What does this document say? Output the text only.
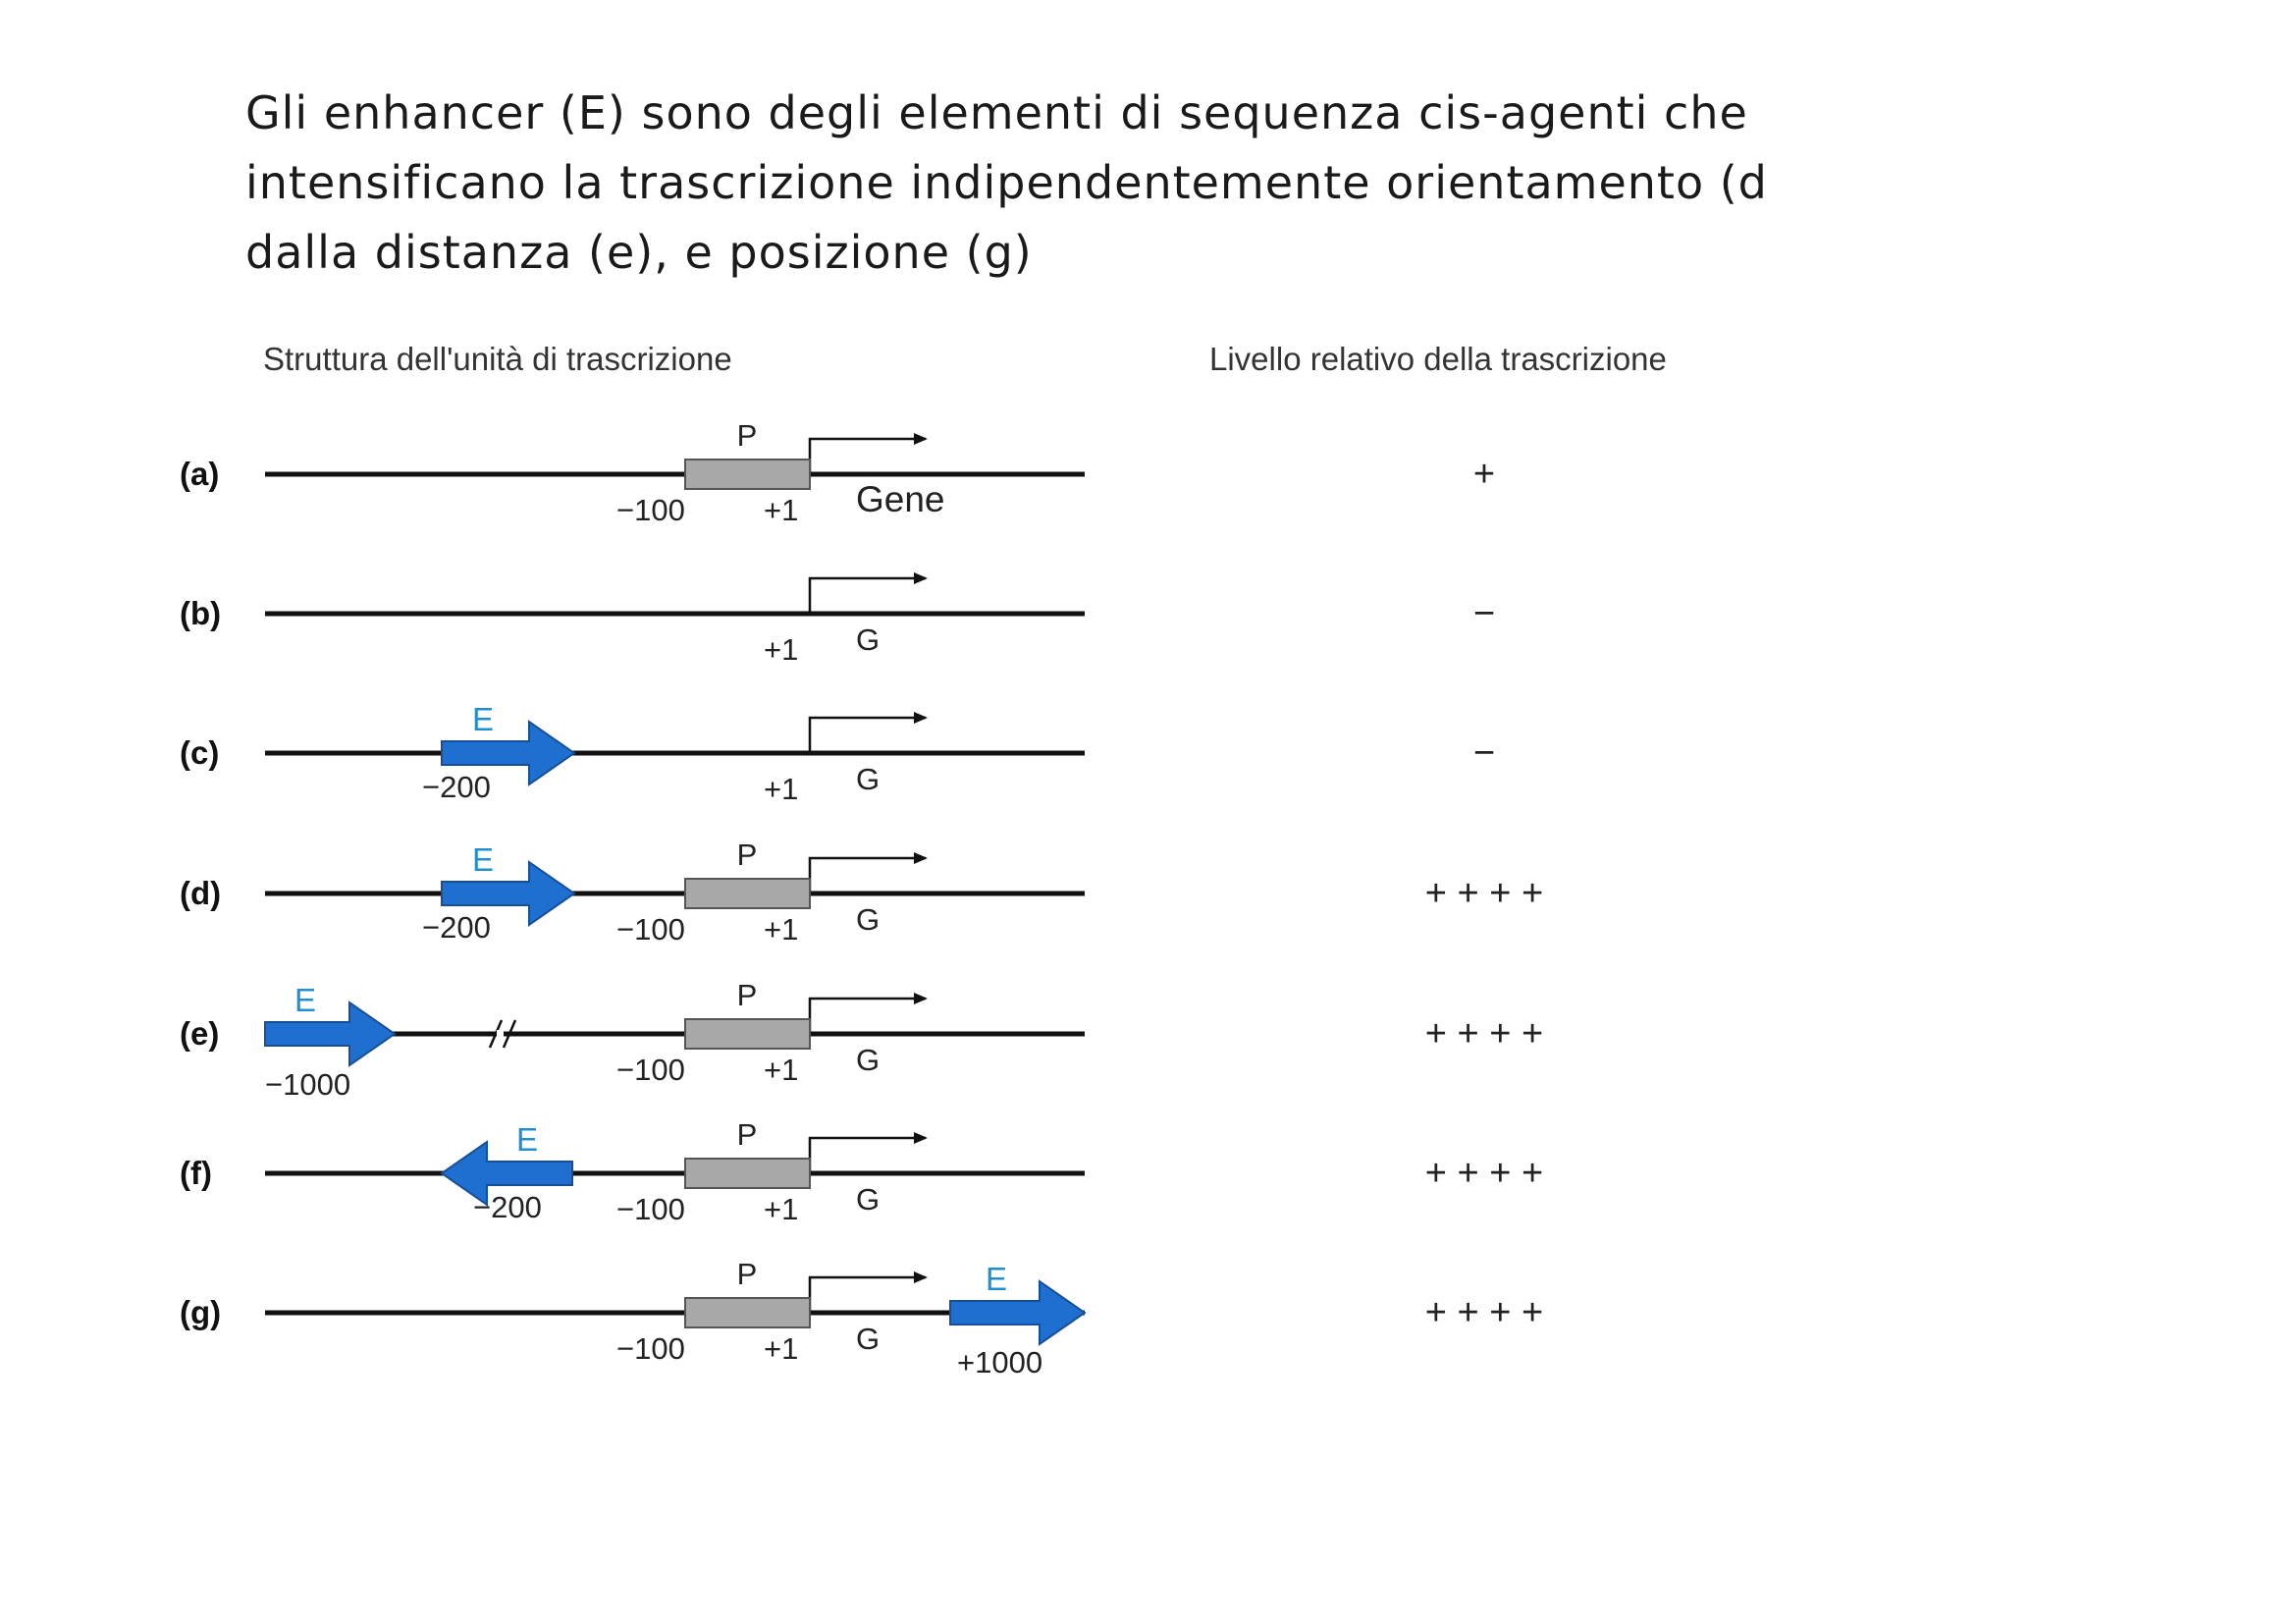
Gli enhancer (E) sono degli elementi di sequenza cis-agenti che
intensificano la trascrizione indipendentemente orientamento (d
dalla distanza (e), e posizione (g)
Struttura dell'unità di trascrizione	Livello relativo della trascrizione
(a)
P
−100	+1 Gene
+
(b)
+1 G
−
(c)
+1 G
E
−200
−
(d)
P
−100	+1 G
E
−200
+ + + +
(e)
P
−100	+1 G
E
−1000
+ + + +
(f)
P
−100	+1 G
E
−200
+ + + +
(g)
P
−100	+1 G
E
+1000
+ + + +
